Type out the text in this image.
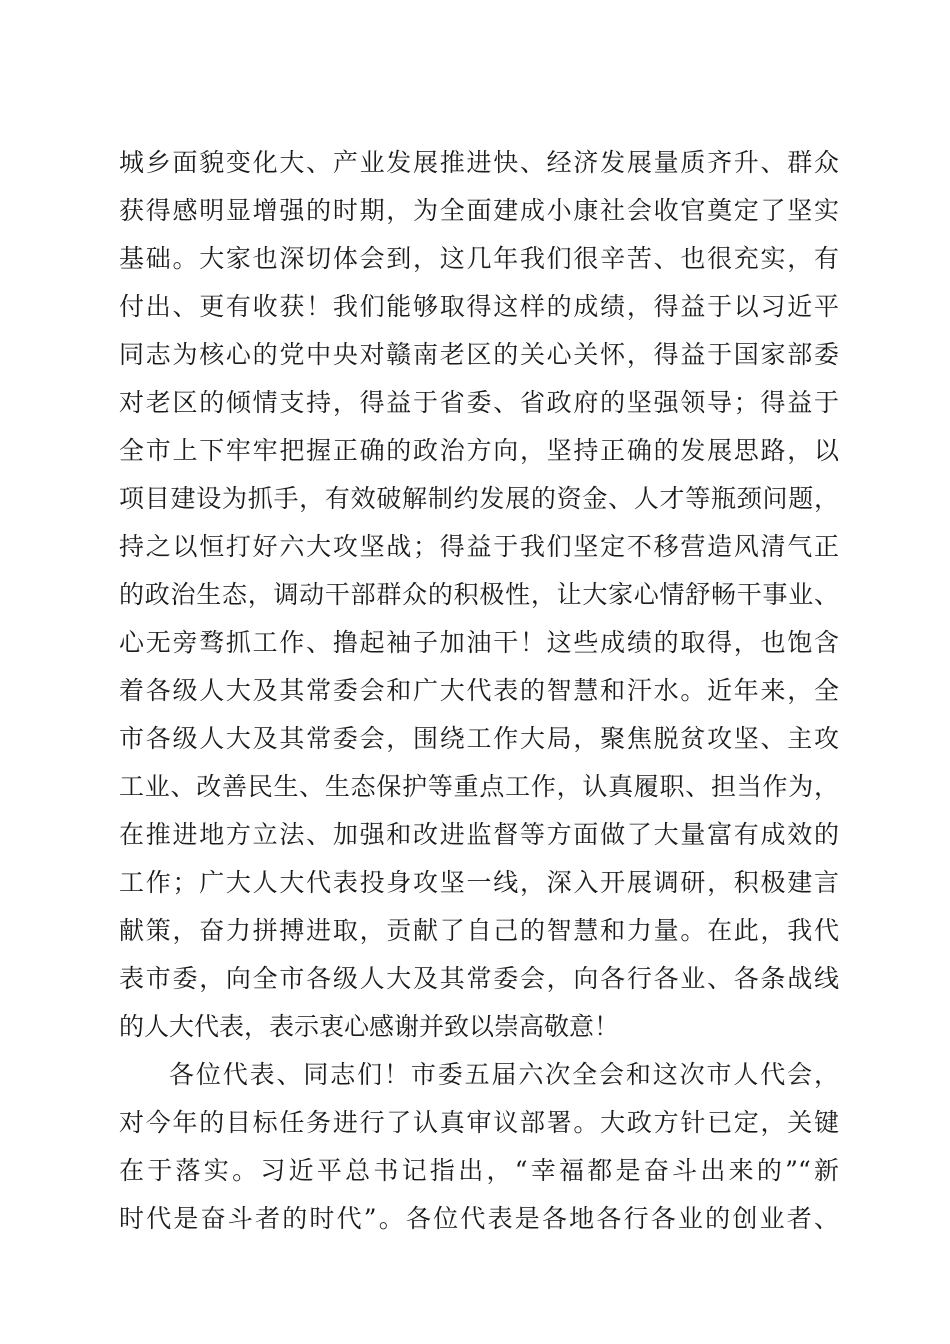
城乡面貌变化大、产业发展推进快、经济发展量质齐升、群众
获得感明显增强的时期，为全面建成小康社会收官奠定了坚实
基础。大家也深切体会到，这几年我们很辛苦、也很充实，有
付出、更有收获！我们能够取得这样的成绩，得益于以习近平
同志为核心的党中央对赣南老区的关心关怀，得益于国家部委
对老区的倾情支持，得益于省委、省政府的坚强领导；得益于
全市上下牢牢把握正确的政治方向，坚持正确的发展思路，以
项目建设为抓手，有效破解制约发展的资金、人才等瓶颈问题，
持之以恒打好六大攻坚战；得益于我们坚定不移营造风清气正
的政治生态，调动干部群众的积极性，让大家心情舒畅干事业、
心无旁骛抓工作、撸起袖子加油干！这些成绩的取得，也饱含
着各级人大及其常委会和广大代表的智慧和汗水。近年来，全
市各级人大及其常委会，围绕工作大局，聚焦脱贫攻坚、主攻
工业、改善民生、生态保护等重点工作，认真履职、担当作为，
在推进地方立法、加强和改进监督等方面做了大量富有成效的
工作；广大人大代表投身攻坚一线，深入开展调研，积极建言
献策，奋力拼搏进取，贡献了自己的智慧和力量。在此，我代
表市委，向全市各级人大及其常委会，向各行各业、各条战线
的人大代表，表示衷心感谢并致以崇高敬意！
各位代表、同志们！市委五届六次全会和这次市人代会，
对今年的目标任务进行了认真审议部署。大政方针已定，关键
在于落实。习近平总书记指出，“幸福都是奋斗出来的”“新
时代是奋斗者的时代”。各位代表是各地各行各业的创业者、
